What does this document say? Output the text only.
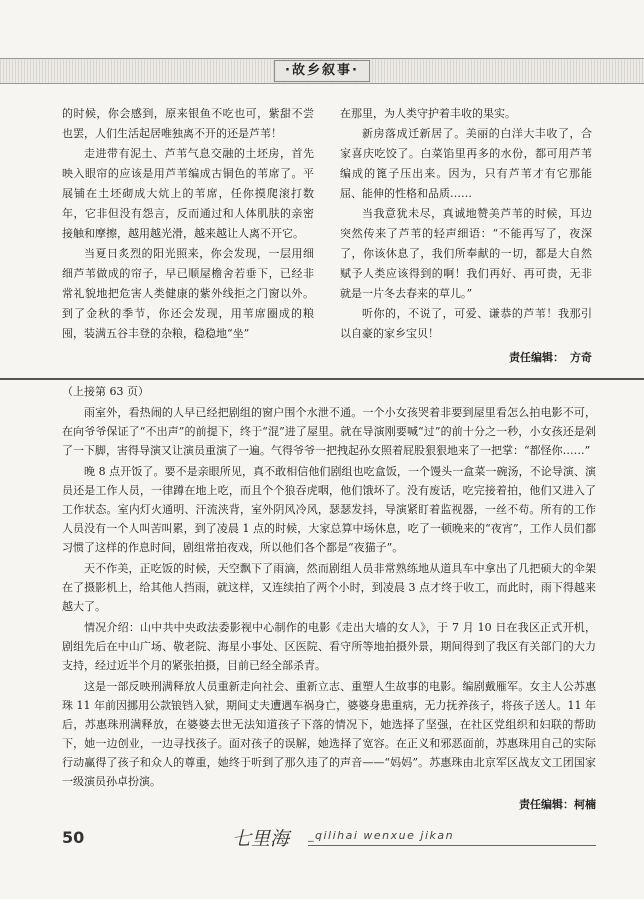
·故乡叙事·

的时候，你会感到，原来银鱼不吃也可，紫甜不尝也罢，人们生活起居唯独离不开的还是芦苇！

走进带有泥土、芦苇气息交融的土坯房，首先映入眼帘的应该是用芦苇编成古铜色的苇席了。平展铺在土坯砌成大炕上的苇席，任你摸爬滚打数年，它非但没有怨言，反而通过和人体肌肤的亲密接触和摩擦，越用越光滑，越来越让人离不开它。

当夏日炙烈的阳光照来，你会发现，一层用细细芦苇做成的帘子，早已顺屋檐舍若垂下，已经非常礼貌地把危害人类健康的紫外线拒之门窗以外。到了金秋的季节，你还会发现，用苇席圈成的粮囤，装满五谷丰登的杂粮，稳稳地“坐”

在那里，为人类守护着丰收的果实。

新房落成迁新居了。美丽的白洋大丰收了，合家喜庆吃饺了。白菜馅里再多的水份，都可用芦苇编成的篦子压出来。因为，只有芦苇才有它那能屈、能伸的性格和品质……

当我意犹未尽，真诚地赞美芦苇的时候，耳边突然传来了芦苇的轻声细语：“不能再写了，夜深了，你该休息了，我们所奉献的一切，都是大自然赋予人类应该得到的啊！我们再好、再可贵，无非就是一片冬去春来的草儿。”

听你的，不说了，可爱、谦恭的芦苇！我那引以自豪的家乡宝贝！

责任编辑： 方奇

（上接第 63 页）

雨室外，看热闹的人早已经把剧组的窗户围个水泄不通。一个小女孩哭着非要到屋里看怎么拍电影不可，在向爷爷保证了“不出声”的前提下，终于“混”进了屋里。就在导演刚要喊“过”的前十分之一秒，小女孩还是剁了一下脚，害得导演又让演员重演了一遍。气得爷爷一把拽起孙女照着屁股狠狠地来了一把掌：“都怪你……”

晚 8 点开饭了。要不是亲眼所见，真不敢相信他们剧组也吃盒饭，一个馒头一盒菜一碗汤，不论导演、演员还是工作人员，一律蹲在地上吃，而且个个狼吞虎咽，他们饿坏了。没有废话，吃完接着拍，他们又进入了工作状态。室内灯火通明、汗流浃背，室外阴风冷风，瑟瑟发抖，导演紧盯着监视器，一丝不苟。所有的工作人员没有一个人叫苦叫累，到了凌晨 1 点的时候，大家总算中场休息，吃了一顿晚来的“夜宵”，工作人员们都习惯了这样的作息时间，剧组常拍夜戏，所以他们各个都是“夜猫子”。

天不作美，正吃饭的时候，天空飘下了雨滴，然而剧组人员非常熟练地从道具车中拿出了几把硕大的伞架在了摄影机上，给其他人挡雨，就这样，又连续拍了两个小时，到凌晨 3 点才终于收工，而此时，雨下得越来越大了。

情况介绍：山中共中央政法委影视中心制作的电影《走出大墙的女人》，于 7 月 10 日在我区正式开机，剧组先后在中山广场、敬老院、海星小事处、区医院、看守所等地拍摄外景，期间得到了我区有关部门的大力支持，经过近半个月的紧张拍摄，目前已经全部杀青。

这是一部反映刑满释放人员重新走向社会、重新立志、重塑人生故事的电影。编剧戴雁军。女主人公苏惠珠 11 年前因挪用公款锒铛入狱，期间丈夫遭遇车祸身亡，婆婆身患重病，无力抚养孩子，将孩子送人。11 年后，苏惠珠刑满释放，在婆婆去世无法知道孩子下落的情况下，她选择了坚强，在社区党组织和妇联的帮助下，她一边创业，一边寻找孩子。面对孩子的误解，她选择了宽容。在正义和邪恶面前，苏惠珠用自己的实际行动赢得了孩子和众人的尊重，她终于听到了那久违了的声音——“妈妈”。苏惠珠由北京军区战友文工团国家一级演员孙卓扮演。

责任编辑：柯楠
50	七里海 _qilihai wenxue jikan
